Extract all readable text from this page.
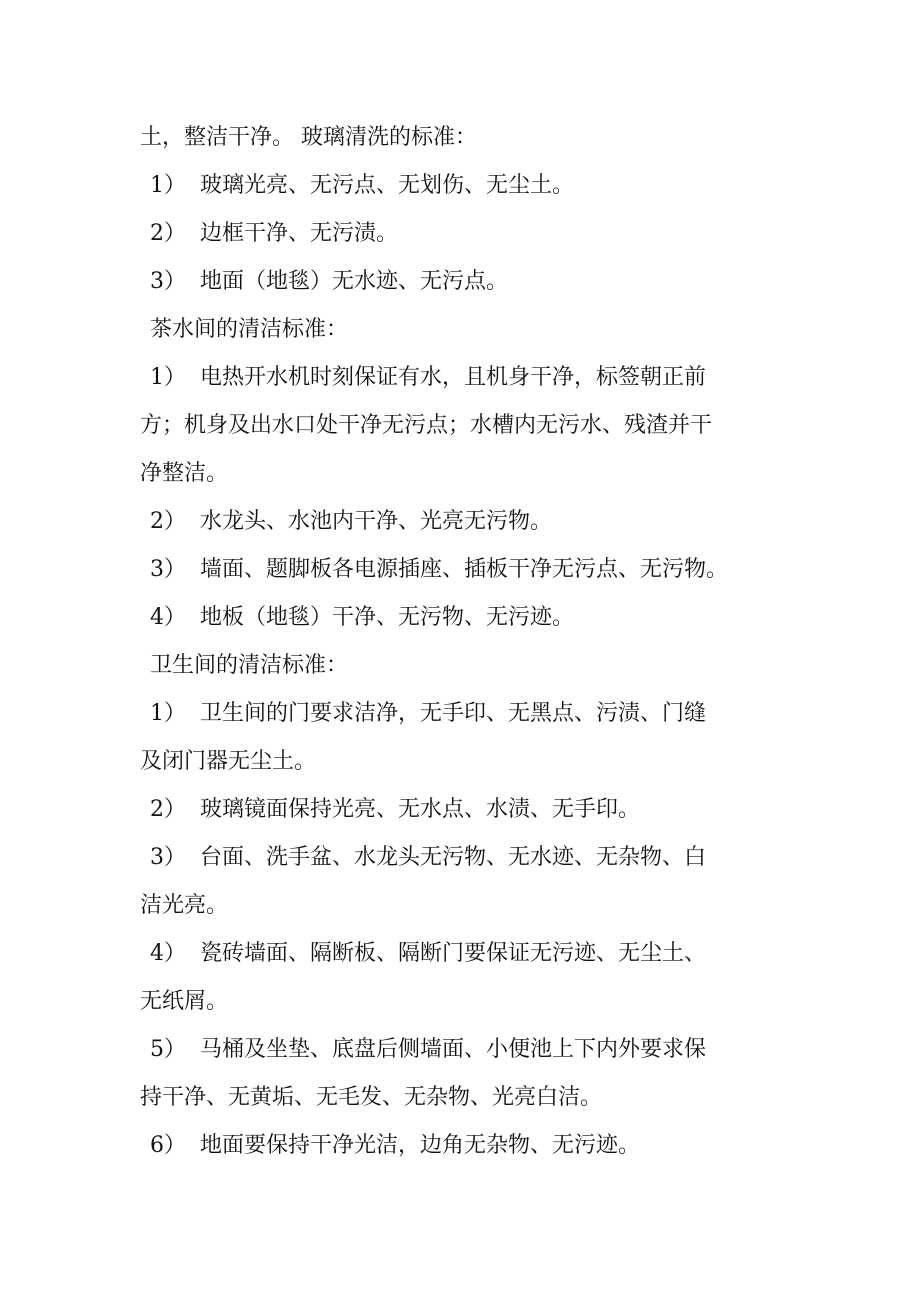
土，整洁干净。 玻璃清洗的标准：
1） 玻璃光亮、无污点、无划伤、无尘土。
2） 边框干净、无污渍。
3） 地面（地毯）无水迹、无污点。
茶水间的清洁标准：
1） 电热开水机时刻保证有水，且机身干净，标签朝正前
方；机身及出水口处干净无污点；水槽内无污水、残渣并干
净整洁。
2） 水龙头、水池内干净、光亮无污物。
3） 墙面、题脚板各电源插座、插板干净无污点、无污物。
4） 地板（地毯）干净、无污物、无污迹。
卫生间的清洁标准：
1） 卫生间的门要求洁净，无手印、无黑点、污渍、门缝
及闭门器无尘土。
2） 玻璃镜面保持光亮、无水点、水渍、无手印。
3） 台面、洗手盆、水龙头无污物、无水迹、无杂物、白
洁光亮。
4） 瓷砖墙面、隔断板、隔断门要保证无污迹、无尘土、
无纸屑。
5） 马桶及坐垫、底盘后侧墙面、小便池上下内外要求保
持干净、无黄垢、无毛发、无杂物、光亮白洁。
6） 地面要保持干净光洁，边角无杂物、无污迹。
